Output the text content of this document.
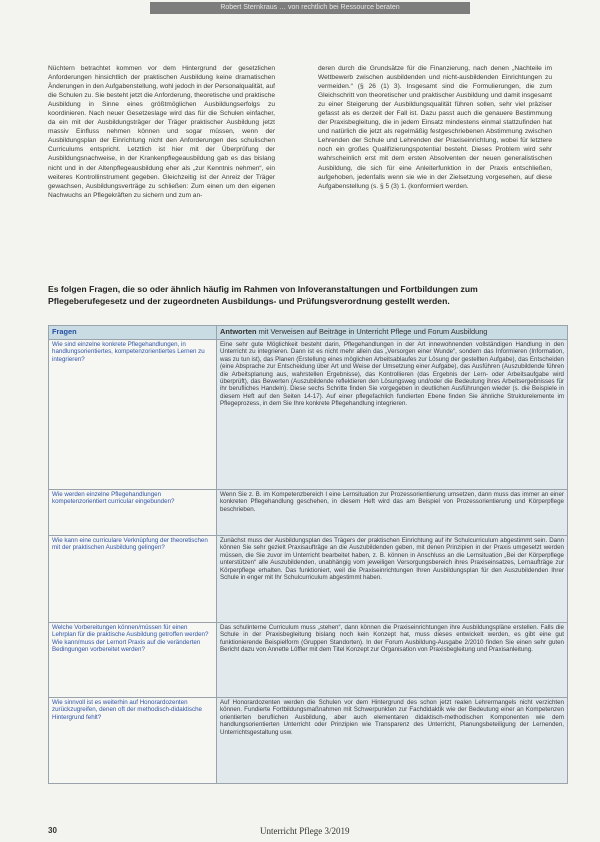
Robert Sternkraus … von rechtlich bei Ressource beraten

Nüchtern betrachtet kommen vor dem Hintergrund der gesetzlichen Anforderungen hinsichtlich der praktischen Ausbildung keine dramatischen Änderungen in den Aufgabenstellung, wohl jedoch in der Personalqualität, auf die Schulen zu. Sie besteht jetzt die Anforderung, theoretische und praktische Ausbildung in Sinne eines größtmöglichen Ausbildungserfolgs zu koordinieren. Nach neuer Gesetzeslage wird das für die Schulen einfacher, da ein mit der Ausbildungsträger der Träger praktischer Ausbildung jetzt massiv Einfluss nehmen können und sogar müssen, wenn der Ausbildungsplan der Einrichtung nicht den Anforderungen des schulischen Curriculums entspricht. Letztlich ist hier mit der Überprüfung der Ausbildungsnachweise, in der Krankenpflegeausbildung gab es das bislang nicht und in der Altenpflegeausbildung eher als „zur Kenntnis nehmen“, ein weiteres Kontrollinstrument gegeben. Gleichzeitig ist der Anreiz der Träger gewachsen, Ausbildungsverträge zu schließen: Zum einen um den eigenen Nachwuchs an Pflegekräften zu sichern und zum an-

deren durch die Grundsätze für die Finanzierung, nach denen „Nachteile im Wettbewerb zwischen ausbildenden und nicht-ausbildenden Einrichtungen zu vermeiden.“ (§ 26 (1) 3). Insgesamt sind die Formulierungen, die zum Gleichschritt von theoretischer und praktischer Ausbildung und damit insgesamt zu einer Steigerung der Ausbildungsqualität führen sollen, sehr viel präziser gefasst als es derzeit der Fall ist. Dazu passt auch die genauere Bestimmung der Praxisbegleitung, die in jedem Einsatz mindestens einmal stattzufinden hat und natürlich die jetzt als regelmäßig festgeschriebenen Abstimmung zwischen Lehrenden der Schule und Lehrenden der Praxiseinrichtung, wobei für letztere noch ein großes Qualifizierungspotential besteht. Dieses Problem wird sehr wahrscheinlich erst mit dem ersten Absolventen der neuen generalistischen Ausbildung, die sich für eine Anleiterfunktion in der Praxis entschließen, aufgehoben, jedenfalls wenn sie wie in der Zielsetzung vorgesehen, auf diese Aufgabenstellung (s. § 5 (3) 1. (konformiert werden.

Es folgen Fragen, die so oder ähnlich häufig im Rahmen von Infoveranstaltungen und Fortbildungen zum Pflegeberufegesetz und der zugeordneten Ausbildungs- und Prüfungsverordnung gestellt werden.
Fragen	Antworten mit Verweisen auf Beiträge in Unterricht Pflege und Forum Ausbildung
Wie sind einzelne konkrete Pflegehandlungen, in handlungsorientiertes, kompetenzorientiertes Lernen zu integrieren?	Eine sehr gute Möglichkeit besteht darin, Pflegehandlungen in der Art innewohnenden vollständigen Handlung in den Unterricht zu integrieren. Dann ist es nicht mehr allein das „Versorgen einer Wunde“, sondern das Informieren (Information, was zu tun ist), das Planen (Erstellung eines möglichen Arbeitsablaufes zur Lösung der gestellten Aufgabe), das Entscheiden (eine Absprache zur Entscheidung über Art und Weise der Umsetzung einer Aufgabe), das Ausführen (Auszubildende führen die Arbeitsplanung aus, wahrstellen Ergebnisse), das Kontrollieren (das Ergebnis der Lern- oder Arbeitsaufgabe wird überprüft), das Bewerten (Auszubildende reflektieren den Lösungsweg und/oder die Bedeutung ihres Arbeitsergebnisses für ihr berufliches Handeln). Diese sechs Schritte finden Sie vorgegeben in deutlichen Ausführungen wieder (s. die Beispiele in diesem Heft auf den Seiten 14-17). Auf einer pflegefachlich fundierten Ebene finden Sie ähnliche Strukturelemente im Pflegeprozess, in dem Sie Ihre konkrete Pflegehandlung integrieren.
Wie werden einzelne Pflegehandlungen kompetenzorientiert curricular eingebunden?	Wenn Sie z. B. im Kompetenzbereich I eine Lernsituation zur Prozessorientierung umsetzen, dann muss das immer an einer konkreten Pflegehandlung geschehen, in diesem Heft wird das am Beispiel von Prozessorientierung und Körperpflege beschrieben.
Wie kann eine curriculare Verknüpfung der theoretischen mit der praktischen Ausbildung gelingen?	Zunächst muss der Ausbildungsplan des Trägers der praktischen Einrichtung auf ihr Schulcurriculum abgestimmt sein. Dann können Sie sehr gezielt Praxisaufträge an die Auszubildenden geben, mit denen Prinzipien in der Praxis umgesetzt werden müssen, die Sie zuvor im Unterricht bearbeitet haben, z. B. können in Anschluss an die Lernsituation „Bei der Körperpflege unterstützen“ alle Auszubildenden, unabhängig vom jeweiligen Versorgungsbereich ihres Praxiseinsatzes, Lernaufträge zur Körperpflege erhalten. Das funktioniert, weil die Praxiseinrichtungen Ihren Ausbildungsplan für den Auszubildenden Ihrer Schule in enger mit Ihr Schulcurriculum abgestimmt haben.
Welche Vorbereitungen können/müssen für einen Lehrplan für die praktische Ausbildung getroffen werden? Wie kann/muss der Lernort Praxis auf die veränderten Bedingungen vorbereitet werden?	Das schulinterne Curriculum muss „stehen“, dann können die Praxiseinrichtungen ihre Ausbildungspläne erstellen. Falls die Schule in der Praxisbegleitung bislang noch kein Konzept hat, muss dieses entwickelt werden, es gibt eine gut funktionierende Beispielform (Gruppen Standorten). In der Forum Ausbildung-Ausgabe 2/2010 finden Sie einen sehr guten Bericht dazu von Annette Löffler mit dem Titel Konzept zur Organisation von Praxisbegleitung und Praxisanleitung.
Wie sinnvoll ist es weiterhin auf Honorardozenten zurückzugreifen, denen oft der methodisch-didaktische Hintergrund fehlt?	Auf Honorardozenten werden die Schulen vor dem Hintergrund des schon jetzt realen Lehrermangels nicht verzichten können. Fundierte Fortbildungsmaßnahmen mit Schwerpunkten zur Fachdidaktik wie der Bedeutung einer an Kompetenzen orientierten beruflichen Ausbildung, aber auch elementaren didaktisch-methodischen Komponenten wie dem handlungsorientierten Unterricht oder Prinzipien wie Transparenz des Unterricht, Planungsbeteiligung der Lernenden, Unterrichtsgestaltung usw.
30	Unterricht Pflege 3/2019
